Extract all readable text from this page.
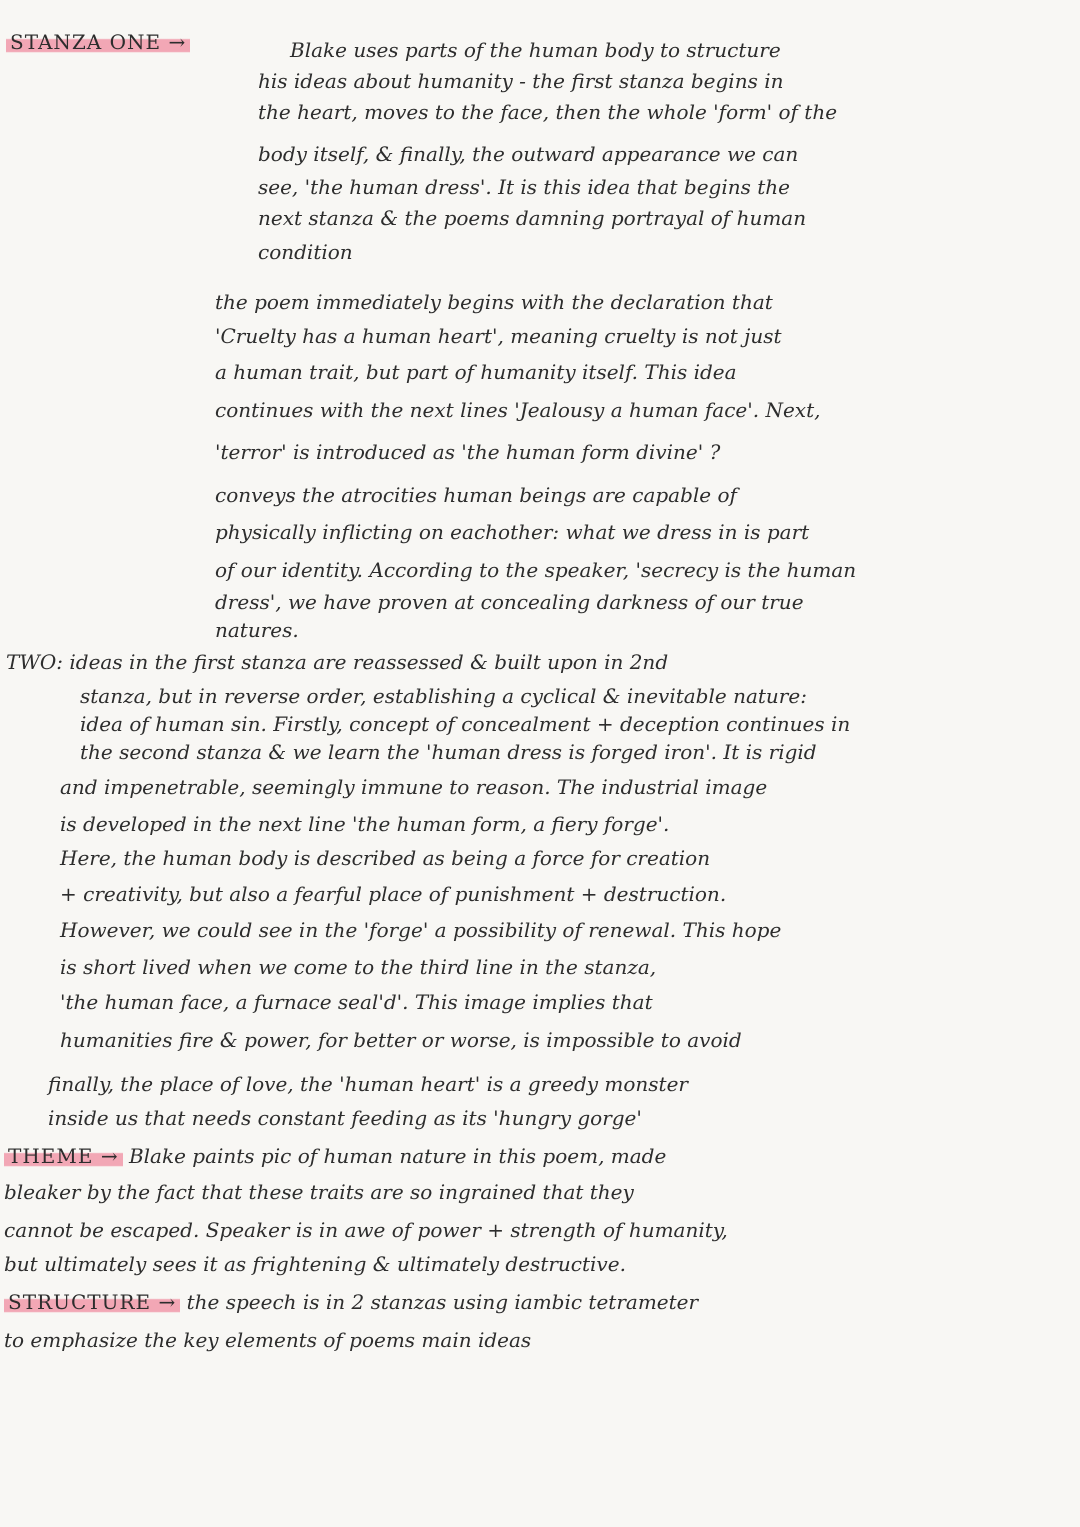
STANZA ONE →	Blake uses parts of the human body to structure
his ideas about humanity - the first stanza begins in
the heart, moves to the face, then the whole 'form' of the
body itself, & finally, the outward appearance we can
see, 'the human dress'. It is this idea that begins the
next stanza & the poems damning portrayal of human
condition
the poem immediately begins with the declaration that
'Cruelty has a human heart', meaning cruelty is not just
a human trait, but part of humanity itself. This idea
continues with the next lines 'Jealousy a human face'. Next,
'terror' is introduced as 'the human form divine' ?
conveys the atrocities human beings are capable of
physically inflicting on eachother: what we dress in is part
of our identity. According to the speaker, 'secrecy is the human
dress', we have proven at concealing darkness of our true
natures.
TWO: ideas in the first stanza are reassessed & built upon in 2nd
stanza, but in reverse order, establishing a cyclical & inevitable nature:
idea of human sin. Firstly, concept of concealment + deception continues in
the second stanza & we learn the 'human dress is forged iron'. It is rigid
and impenetrable, seemingly immune to reason. The industrial image
is developed in the next line 'the human form, a fiery forge'.
Here, the human body is described as being a force for creation
+ creativity, but also a fearful place of punishment + destruction.
However, we could see in the 'forge' a possibility of renewal. This hope
is short lived when we come to the third line in the stanza,
'the human face, a furnace seal'd'. This image implies that
humanities fire & power, for better or worse, is impossible to avoid
finally, the place of love, the 'human heart' is a greedy monster
inside us that needs constant feeding as its 'hungry gorge'
THEME → Blake paints pic of human nature in this poem, made
bleaker by the fact that these traits are so ingrained that they
cannot be escaped. Speaker is in awe of power + strength of humanity,
but ultimately sees it as frightening & ultimately destructive.
STRUCTURE → the speech is in 2 stanzas using iambic tetrameter
to emphasize the key elements of poems main ideas
